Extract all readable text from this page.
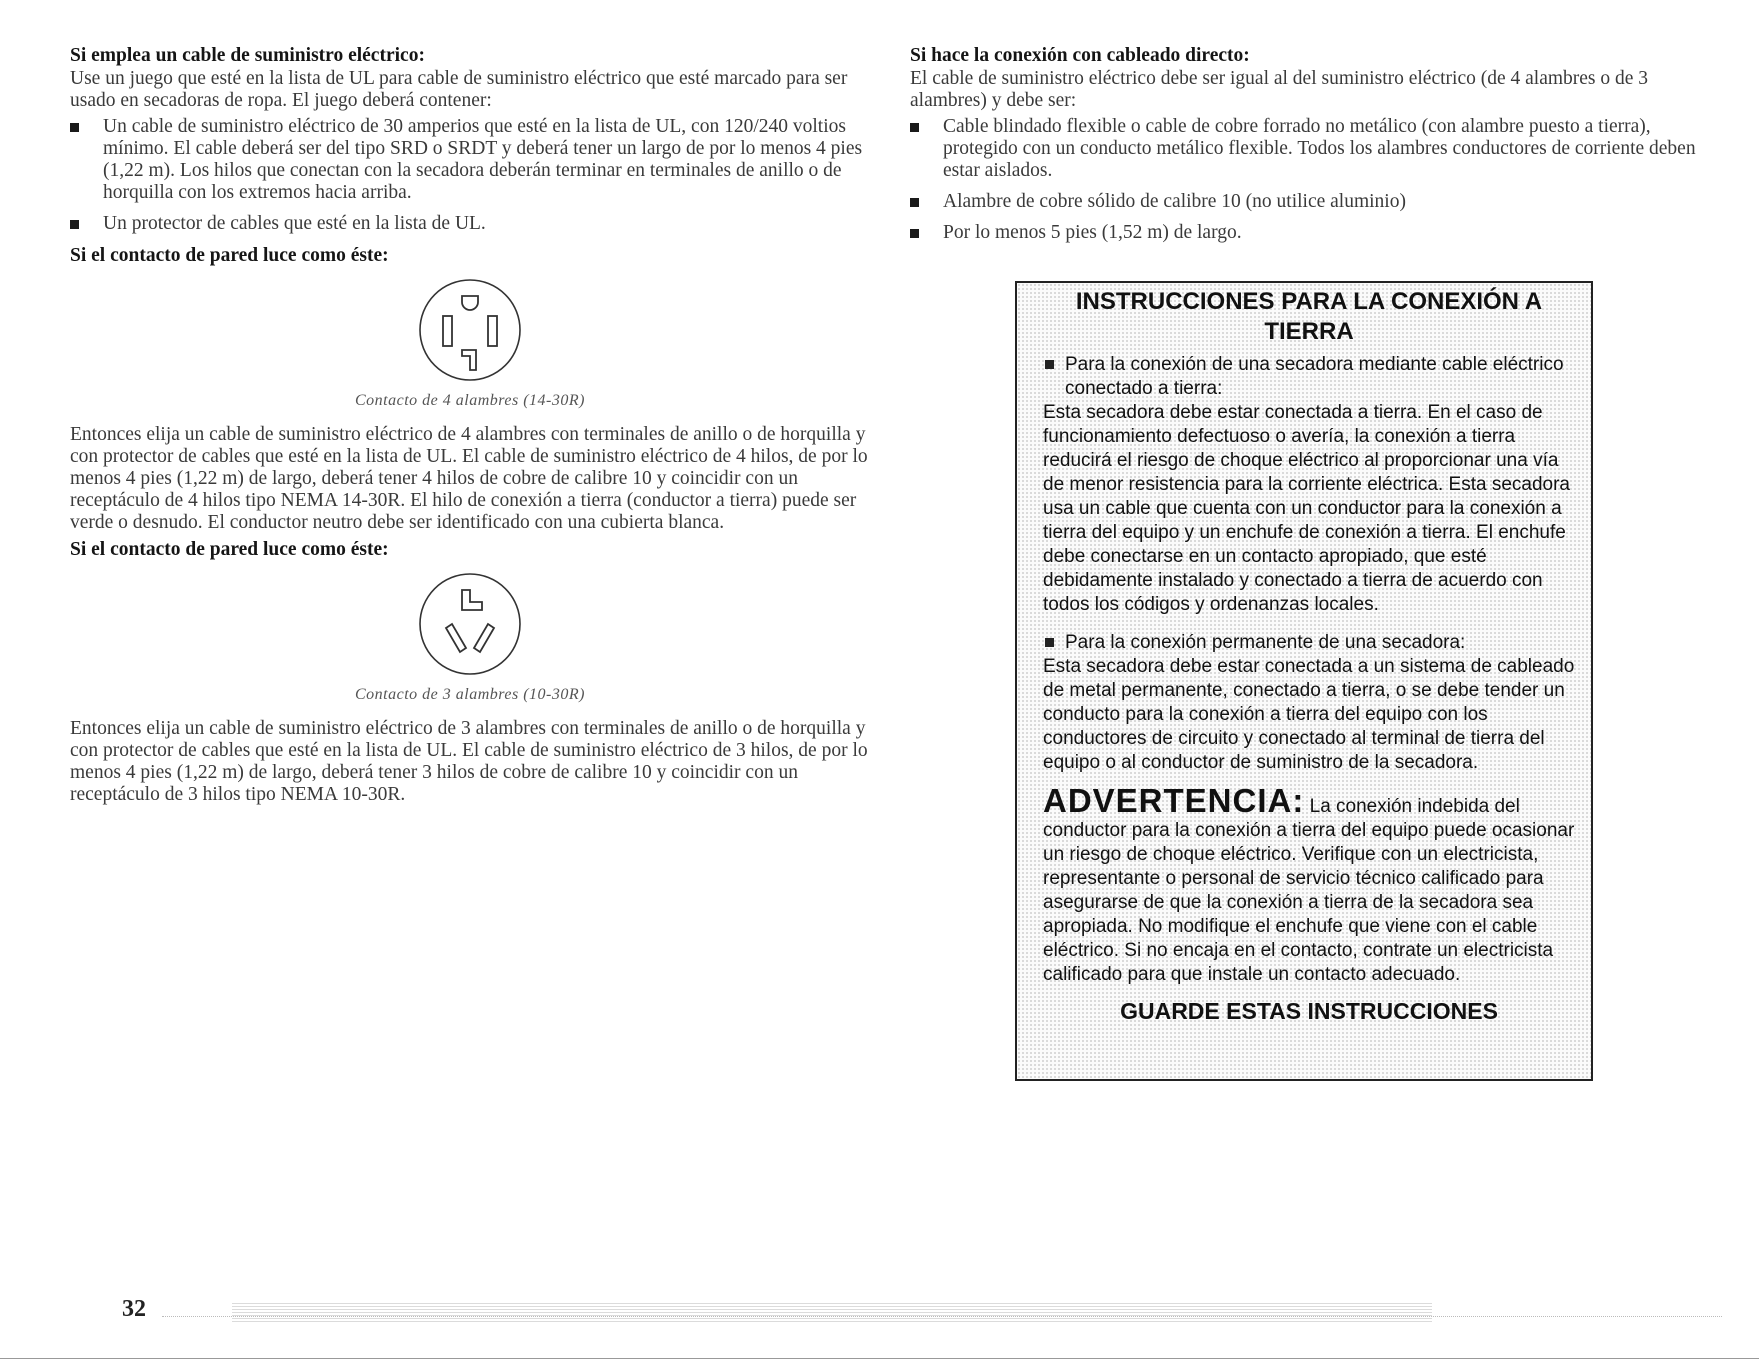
Si emplea un cable de suministro eléctrico:

Use un juego que esté en la lista de UL para cable de suministro eléctrico que esté marcado para ser usado en secadoras de ropa. El juego deberá contener:

Un cable de suministro eléctrico de 30 amperios que esté en la lista de UL, con 120/240 voltios mínimo. El cable deberá ser del tipo SRD o SRDT y deberá tener un largo de por lo menos 4 pies (1,22 m). Los hilos que conectan con la secadora deberán terminar en terminales de anillo o de horquilla con los extremos hacia arriba.
Un protector de cables que esté en la lista de UL.
Si el contacto de pared luce como éste:
Contacto de 4 alambres (14-30R)

Entonces elija un cable de suministro eléctrico de 4 alambres con terminales de anillo o de horquilla y con protector de cables que esté en la lista de UL. El cable de suministro eléctrico de 4 hilos, de por lo menos 4 pies (1,22 m) de largo, deberá tener 4 hilos de cobre de calibre 10 y coincidir con un receptáculo de 4 hilos tipo NEMA 14-30R. El hilo de conexión a tierra (conductor a tierra) puede ser verde o desnudo. El conductor neutro debe ser identificado con una cubierta blanca.

Si el contacto de pared luce como éste:
Contacto de 3 alambres (10-30R)

Entonces elija un cable de suministro eléctrico de 3 alambres con terminales de anillo o de horquilla y con protector de cables que esté en la lista de UL. El cable de suministro eléctrico de 3 hilos, de por lo menos 4 pies (1,22 m) de largo, deberá tener 3 hilos de cobre de calibre 10 y coincidir con un receptáculo de 3 hilos tipo NEMA 10-30R.

Si hace la conexión con cableado directo:

El cable de suministro eléctrico debe ser igual al del suministro eléctrico (de 4 alambres o de 3 alambres) y debe ser:

Cable blindado flexible o cable de cobre forrado no metálico (con alambre puesto a tierra), protegido con un conducto metálico flexible. Todos los alambres conductores de corriente deben estar aislados.
Alambre de cobre sólido de calibre 10 (no utilice aluminio)
Por lo menos 5 pies (1,52 m) de largo.
INSTRUCCIONES PARA LA CONEXIÓN A TIERRA
Para la conexión de una secadora mediante cable eléctrico conectado a tierra:
Esta secadora debe estar conectada a tierra. En el caso de funcionamiento defectuoso o avería, la conexión a tierra reducirá el riesgo de choque eléctrico al proporcionar una vía de menor resistencia para la corriente eléctrica. Esta secadora usa un cable que cuenta con un conductor para la conexión a tierra del equipo y un enchufe de conexión a tierra. El enchufe debe conectarse en un contacto apropiado, que esté debidamente instalado y conectado a tierra de acuerdo con todos los códigos y ordenanzas locales.
Para la conexión permanente de una secadora:
Esta secadora debe estar conectada a un sistema de cableado de metal permanente, conectado a tierra, o se debe tender un conducto para la conexión a tierra del equipo con los conductores de circuito y conectado al terminal de tierra del equipo o al conductor de suministro de la secadora.
ADVERTENCIA: La conexión indebida del conductor para la conexión a tierra del equipo puede ocasionar un riesgo de choque eléctrico. Verifique con un electricista, representante o personal de servicio técnico calificado para asegurarse de que la conexión a tierra de la secadora sea apropiada. No modifique el enchufe que viene con el cable eléctrico. Si no encaja en el contacto, contrate un electricista calificado para que instale un contacto adecuado.
GUARDE ESTAS INSTRUCCIONES
32
